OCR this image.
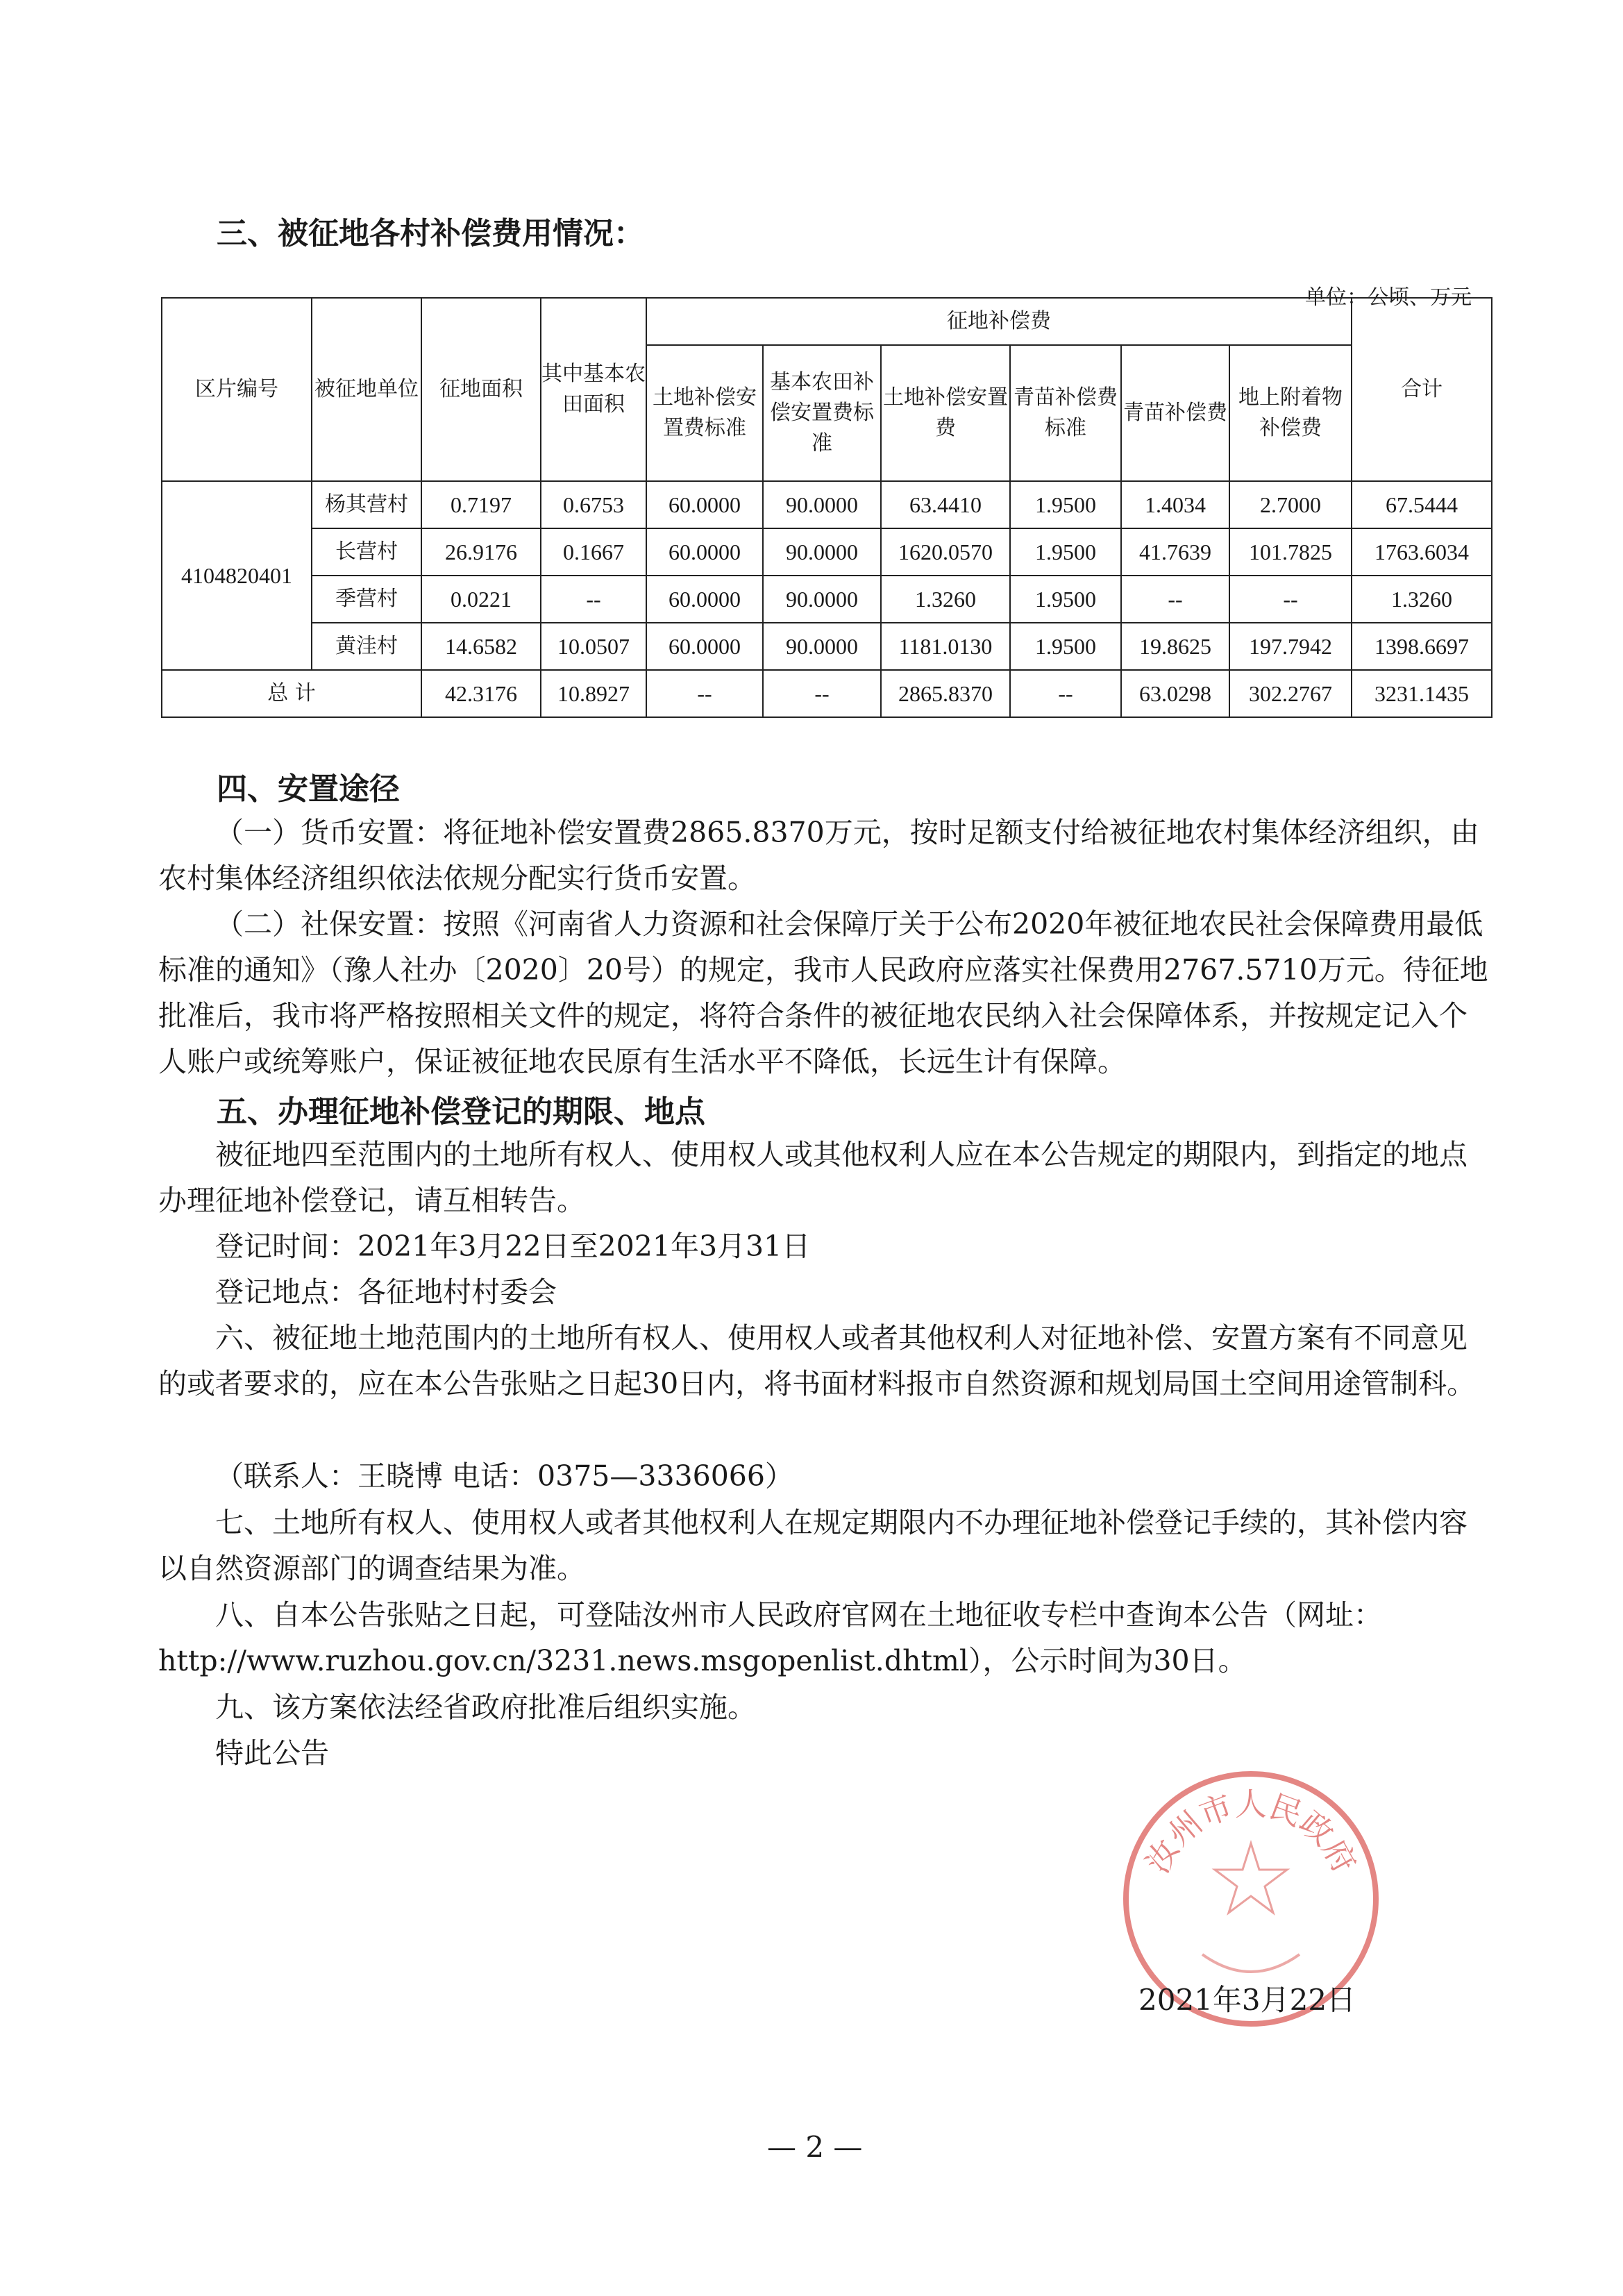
三、被征地各村补偿费用情况：
单位：公顷、万元
区片编号	被征地单位	征地面积	其中基本农田面积	征地补偿费						合计
				土地补偿安置费标准	基本农田补偿安置费标准	土地补偿安置费	青苗补偿费标准	青苗补偿费	地上附着物补偿费	
4104820401	杨其营村	0.7197	0.6753	60.0000	90.0000	63.4410	1.9500	1.4034	2.7000	67.5444
	长营村	26.9176	0.1667	60.0000	90.0000	1620.0570	1.9500	41.7639	101.7825	1763.6034
	季营村	0.0221	--	60.0000	90.0000	1.3260	1.9500	--	--	1.3260
	黄洼村	14.6582	10.0507	60.0000	90.0000	1181.0130	1.9500	19.8625	197.7942	1398.6697
总 计		42.3176	10.8927	--	--	2865.8370	--	63.0298	302.2767	3231.1435
四、安置途径

（一）货币安置：将征地补偿安置费2865.8370万元，按时足额支付给被征地农村集体经济组织，由农村集体经济组织依法依规分配实行货币安置。

（二）社保安置：按照《河南省人力资源和社会保障厅关于公布2020年被征地农民社会保障费用最低标准的通知》（豫人社办〔2020〕20号）的规定，我市人民政府应落实社保费用2767.5710万元。待征地批准后，我市将严格按照相关文件的规定，将符合条件的被征地农民纳入社会保障体系，并按规定记入个人账户或统筹账户，保证被征地农民原有生活水平不降低，长远生计有保障。

五、办理征地补偿登记的期限、地点

被征地四至范围内的土地所有权人、使用权人或其他权利人应在本公告规定的期限内，到指定的地点办理征地补偿登记，请互相转告。

登记时间：2021年3月22日至2021年3月31日

登记地点：各征地村村委会

六、被征地土地范围内的土地所有权人、使用权人或者其他权利人对征地补偿、安置方案有不同意见的或者要求的，应在本公告张贴之日起30日内，将书面材料报市自然资源和规划局国土空间用途管制科。

（联系人：王晓博 电话：0375—3336066）

七、土地所有权人、使用权人或者其他权利人在规定期限内不办理征地补偿登记手续的，其补偿内容以自然资源部门的调查结果为准。

八、自本公告张贴之日起，可登陆汝州市人民政府官网在土地征收专栏中查询本公告（网址：http://www.ruzhou.gov.cn/3231.news.msgopenlist.dhtml），公示时间为30日。

九、该方案依法经省政府批准后组织实施。

特此公告

汝州市人民政府
2021年3月22日
— 2 —
